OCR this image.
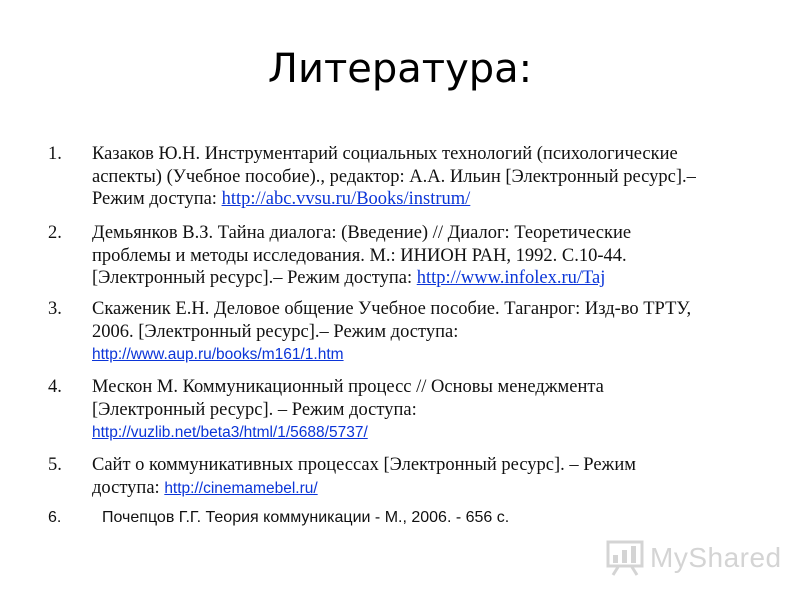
Литература:
1. Казаков Ю.Н. Инструментарий социальных технологий (психологические
аспекты) (Учебное пособие)., редактор: А.А. Ильин [Электронный ресурс].–
Режим доступа: http://abc.vvsu.ru/Books/instrum/
2. Демьянков В.З. Тайна диалога: (Введение) // Диалог: Теоретические
проблемы и методы исследования. М.: ИНИОН РАН, 1992. С.10-44.
[Электронный ресурс].– Режим доступа: http://www.infolex.ru/Taj
3. Скаженик Е.Н. Деловое общение Учебное пособие. Таганрог: Изд-во ТРТУ,
2006. [Электронный ресурс].– Режим доступа:
http://www.aup.ru/books/m161/1.htm
4. Мескон М. Коммуникационный процесс // Основы менеджмента
[Электронный ресурс]. – Режим доступа:
http://vuzlib.net/beta3/html/1/5688/5737/
5. Сайт о коммуникативных процессах [Электронный ресурс]. – Режим
доступа: http://cinemamebel.ru/
6.	Почепцов Г.Г. Теория коммуникации - М., 2006. - 656 с.
MyShared
